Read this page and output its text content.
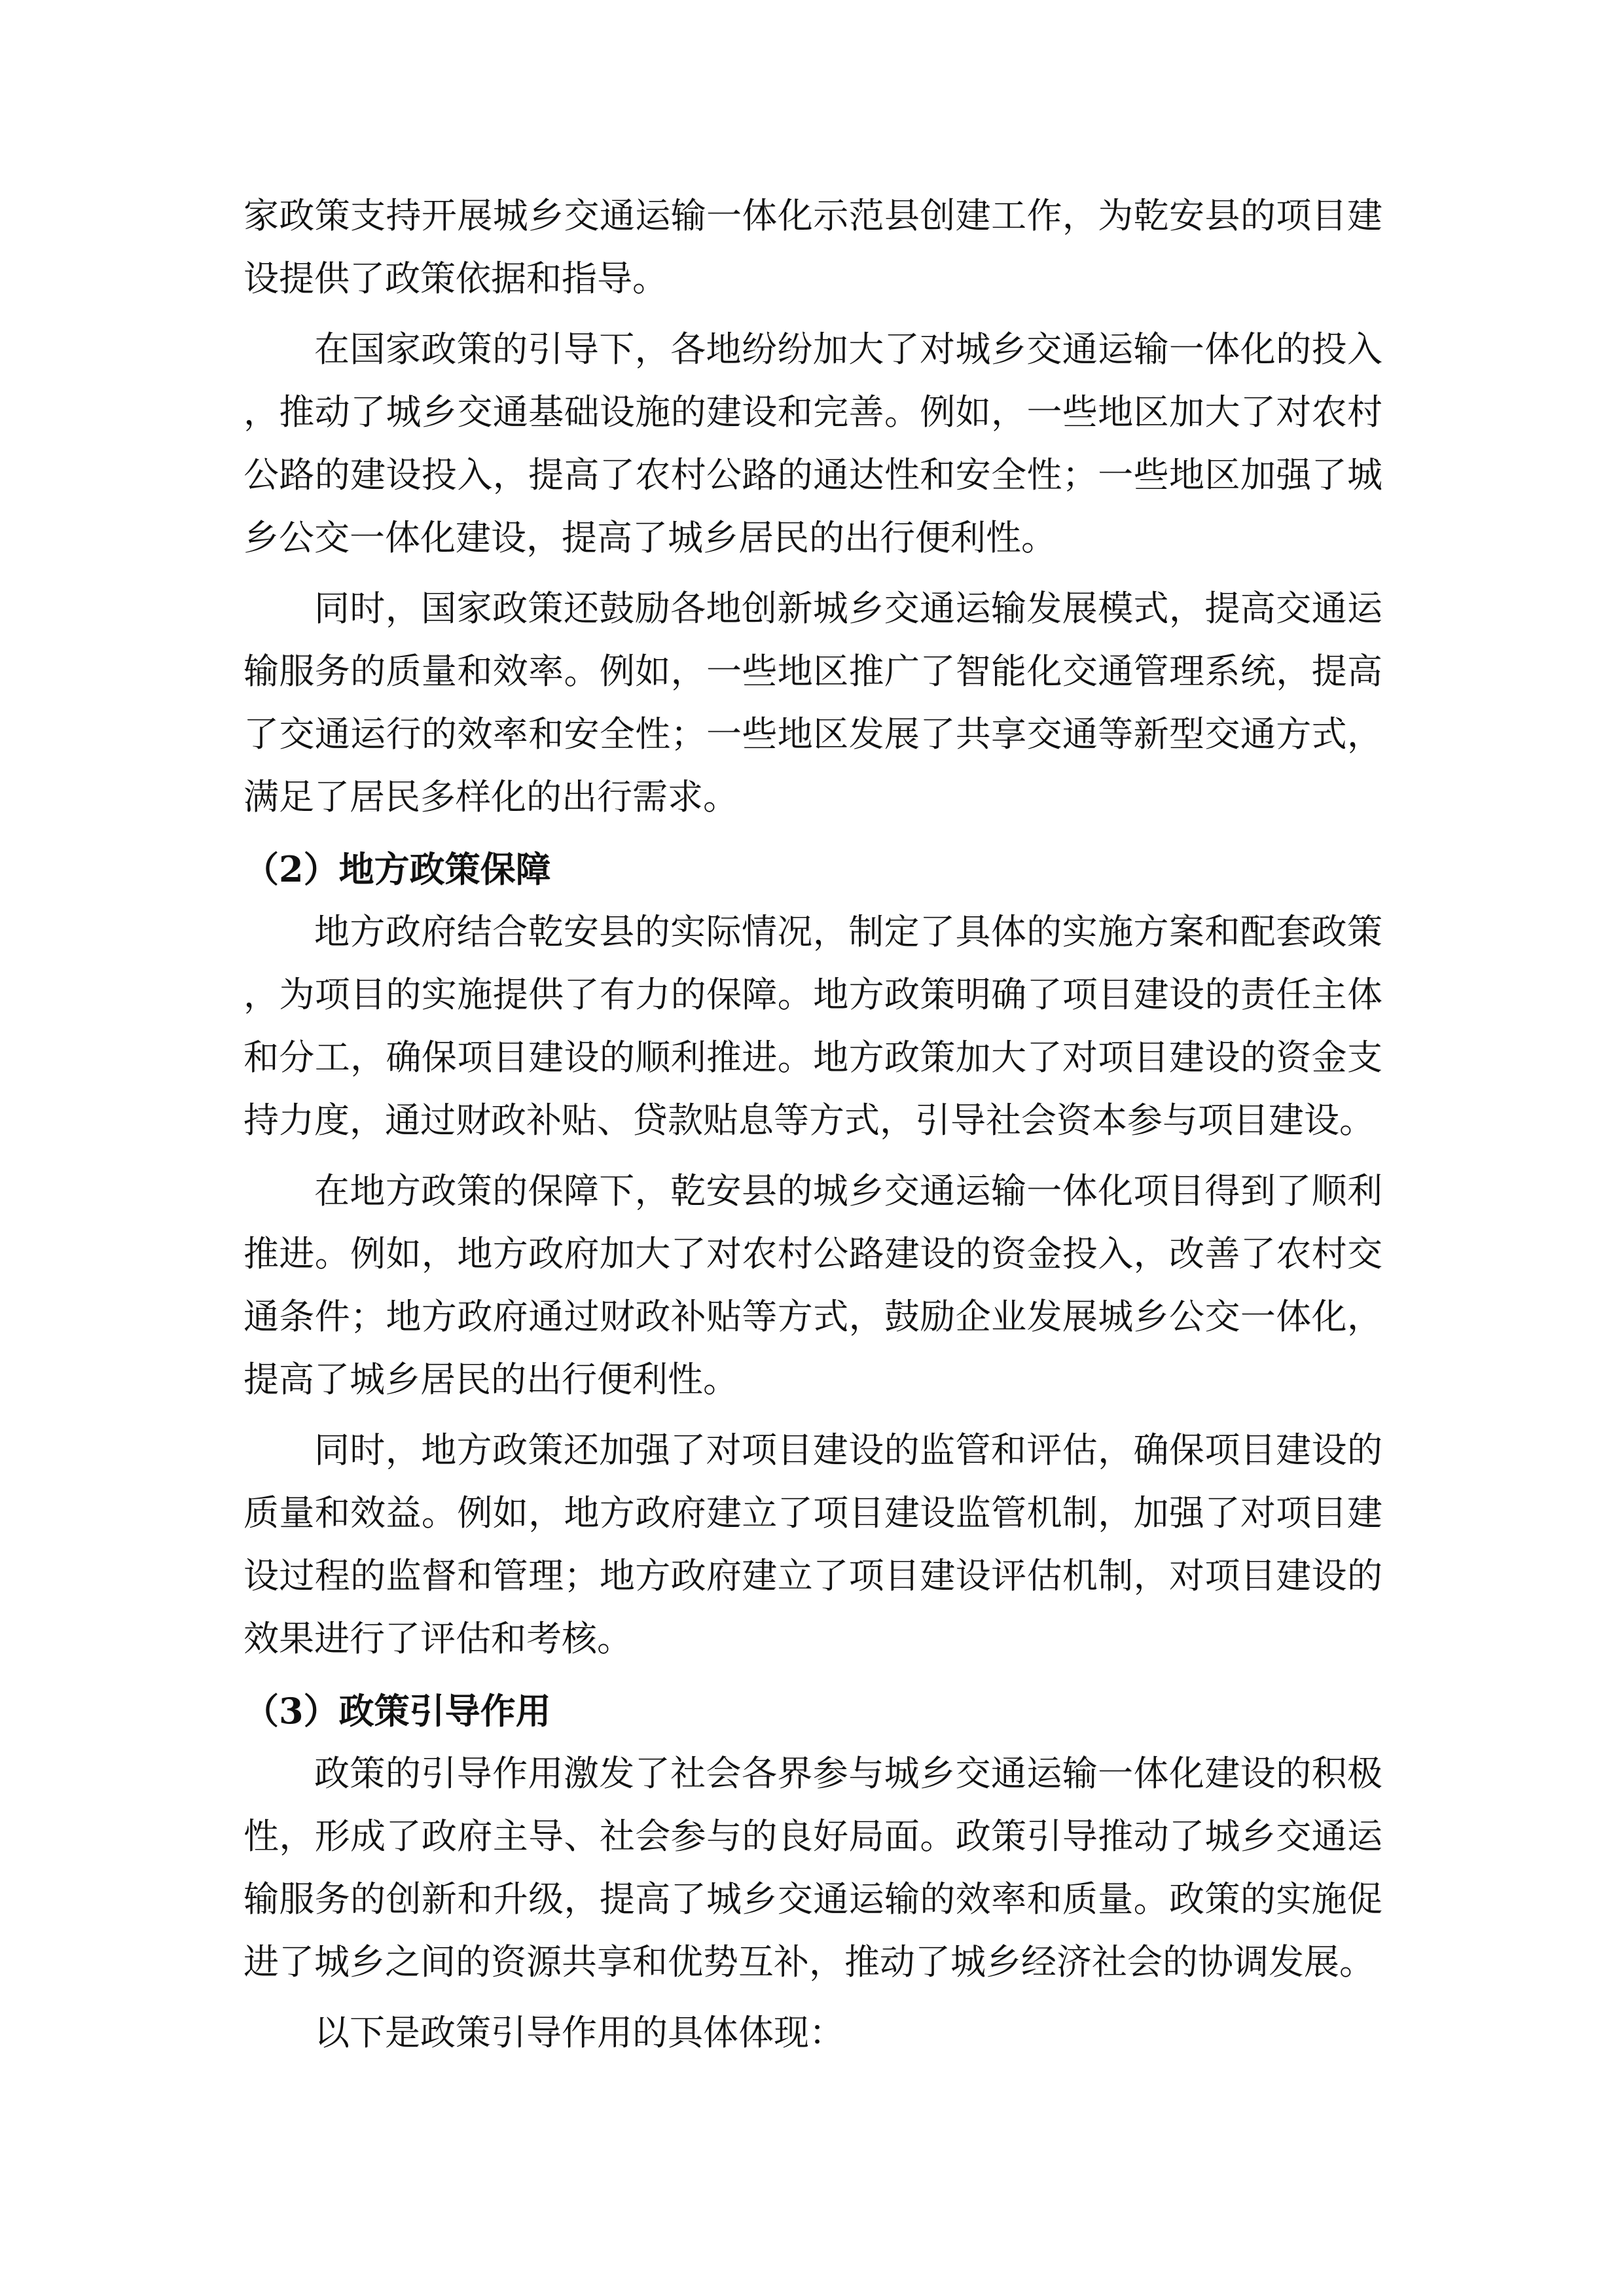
家政策支持开展城乡交通运输一体化示范县创建工作，为乾安县的项目建设提供了政策依据和指导。

在国家政策的引导下，各地纷纷加大了对城乡交通运输一体化的投入，推动了城乡交通基础设施的建设和完善。例如，一些地区加大了对农村公路的建设投入，提高了农村公路的通达性和安全性；一些地区加强了城乡公交一体化建设，提高了城乡居民的出行便利性。

同时，国家政策还鼓励各地创新城乡交通运输发展模式，提高交通运输服务的质量和效率。例如，一些地区推广了智能化交通管理系统，提高了交通运行的效率和安全性；一些地区发展了共享交通等新型交通方式，满足了居民多样化的出行需求。

（2）地方政策保障

地方政府结合乾安县的实际情况，制定了具体的实施方案和配套政策，为项目的实施提供了有力的保障。地方政策明确了项目建设的责任主体和分工，确保项目建设的顺利推进。地方政策加大了对项目建设的资金支持力度，通过财政补贴、贷款贴息等方式，引导社会资本参与项目建设。

在地方政策的保障下，乾安县的城乡交通运输一体化项目得到了顺利推进。例如，地方政府加大了对农村公路建设的资金投入，改善了农村交通条件；地方政府通过财政补贴等方式，鼓励企业发展城乡公交一体化，提高了城乡居民的出行便利性。

同时，地方政策还加强了对项目建设的监管和评估，确保项目建设的质量和效益。例如，地方政府建立了项目建设监管机制，加强了对项目建设过程的监督和管理；地方政府建立了项目建设评估机制，对项目建设的效果进行了评估和考核。

（3）政策引导作用

政策的引导作用激发了社会各界参与城乡交通运输一体化建设的积极性，形成了政府主导、社会参与的良好局面。政策引导推动了城乡交通运输服务的创新和升级，提高了城乡交通运输的效率和质量。政策的实施促进了城乡之间的资源共享和优势互补，推动了城乡经济社会的协调发展。

以下是政策引导作用的具体体现：
